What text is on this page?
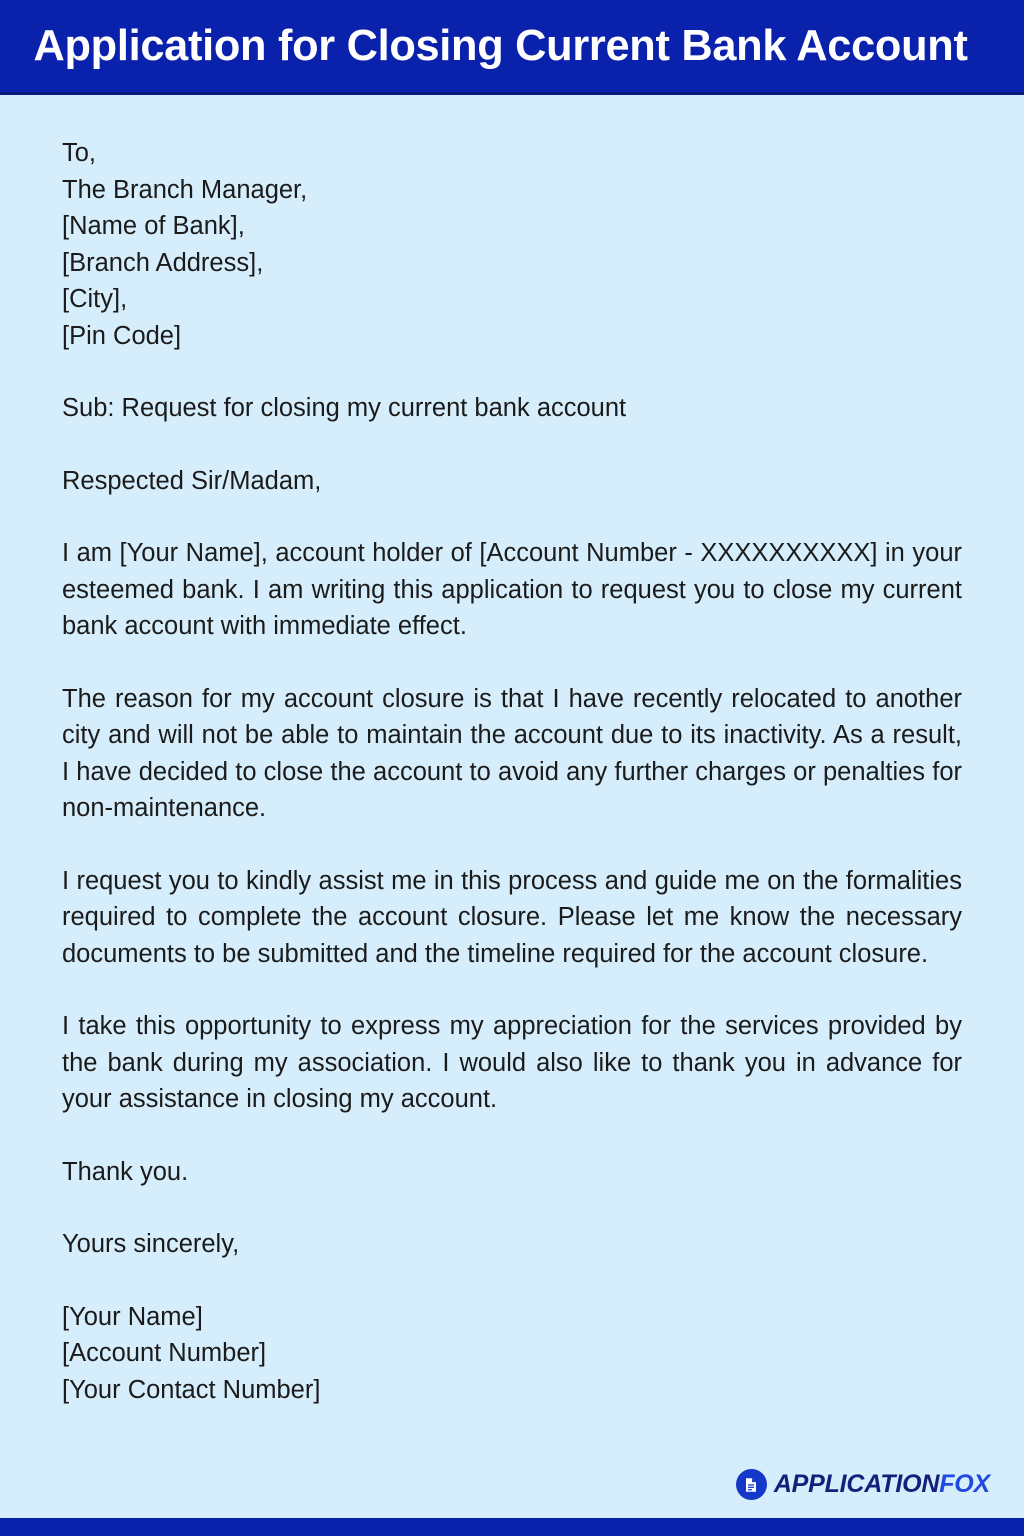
Application for Closing Current Bank Account
To,
The Branch Manager,
[Name of Bank],
[Branch Address],
[City],
[Pin Code]
Sub: Request for closing my current bank account
Respected Sir/Madam,
I am [Your Name], account holder of [Account Number - XXXXXXXXXX] in your esteemed bank. I am writing this application to request you to close my current bank account with immediate effect.
The reason for my account closure is that I have recently relocated to another city and will not be able to maintain the account due to its inactivity. As a result, I have decided to close the account to avoid any further charges or penalties for non-maintenance.
I request you to kindly assist me in this process and guide me on the formalities required to complete the account closure. Please let me know the necessary documents to be submitted and the timeline required for the account closure.
I take this opportunity to express my appreciation for the services provided by the bank during my association. I would also like to thank you in advance for your assistance in closing my account.
Thank you.
Yours sincerely,
[Your Name]
[Account Number]
[Your Contact Number]
APPLICATIONFOX
